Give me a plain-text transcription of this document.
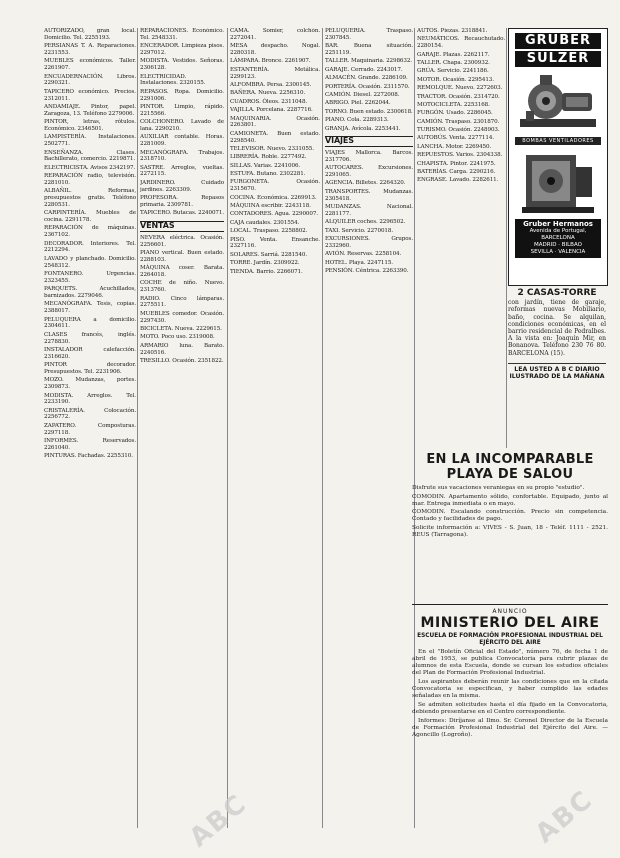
AUTORIZADO, gran local. Domicilio. Tel. 2255193.

PERSIANAS T. A. Reparaciones. 2231553.

MUEBLES económicos. Taller. 2261907.

ENCUADERNACIÓN. Libros. 2290321.

TAPICERO económico. Precios. 2312011.

ANDAMIAJE. Pintor, papel. Zaragoza, 13. Teléfono 2279006.

PINTOR, letras, rótulos. Económico. 2346501.

LAMPISTERÍA. Instalaciones. 2502771.

ENSEÑANZA. Clases. Bachillerato, comercio. 2219871.

ELECTRICISTA. Avisos 2342197.

REPARACIÓN radio, televisión. 2281010.

ALBAÑIL. Reformas, presupuestos gratis. Teléfono 2280531.

CARPINTERÍA. Muebles de cocina. 2291178.

REPARACIÓN de máquinas. 2367102.

DECORADOR. Interiores. Tel. 2212294.

LAVADO y planchado. Domicilio. 2548312.

FONTANERO. Urgencias. 2323455.

PARQUETS. Acuchillados, barnizados. 2279046.

MECANÓGRAFA. Tesis, copias. 2388017.

PELUQUERA a domicilio. 2304611.

CLASES francés, inglés. 2278830.

INSTALADOR calefacción. 2316620.

PINTOR decorador. Presupuestos. Tel. 2231906.

MOZO. Mudanzas, portes. 2309873.

MODISTA. Arreglos. Tel. 2233190.

CRISTALERÍA. Colocación. 2256772.

ZAPATERO. Composturas. 2297118.

INFORMES. Reservados. 2261040.

PINTURAS. Fachadas. 2255310.

REPARACIONES. Económico. Tel. 2548331.

ENCERADOR. Limpieza pisos. 2297012.

MODISTA. Vestidos. Señoras. 2306128.

ELECTRICIDAD. Instalaciones. 2320155.

REPASOS. Ropa. Domicilio. 2291006.

PINTOR. Limpio, rápido. 2215566.

COLCHONERO. Lavado de lana. 2290210.

AUXILIAR contable. Horas. 2281009.

MECANÓGRAFA. Trabajos. 2318710.

SASTRE. Arreglos, vueltas. 2272115.

JARDINERO. Cuidado jardines. 2263309.

PROFESORA. Repasos primaria. 2309781.

TAPICERO. Butacas. 2240071.

VENTAS

NEVERA eléctrica. Ocasión. 2256601.

PIANO vertical. Buen estado. 2288103.

MÁQUINA coser. Barata. 2264018.

COCHE de niño. Nuevo. 2313760.

RADIO. Cinco lámparas. 2275511.

MUEBLES comedor. Ocasión. 2297430.

BICICLETA. Nueva. 2229615.

MOTO. Poco uso. 2319008.

ARMARIO luna. Barato. 2240516.

TRESILLO. Ocasión. 2351822.

CAMA. Somier, colchón. 2272041.

MESA despacho. Nogal. 2280318.

LÁMPARA. Bronce. 2261907.

ESTANTERÍA. Metálica. 2299123.

ALFOMBRA. Persa. 2300145.

BAÑERA. Nueva. 2256310.

CUADROS. Óleos. 2311048.

VAJILLA. Porcelana. 2287716.

MAQUINARIA. Ocasión. 2263801.

CAMIONETA. Buen estado. 2298540.

TELEVISOR. Nuevo. 2331055.

LIBRERÍA. Roble. 2277492.

SILLAS. Varias. 2241006.

ESTUFA. Butano. 2302281.

FURGONETA. Ocasión. 2315670.

COCINA. Económica. 2269913.

MÁQUINA escribir. 2243118.

CONTADORES. Agua. 2290007.

CAJA caudales. 2301554.

LOCAL. Traspaso. 2258802.

PISO. Venta. Ensanche. 2327116.

SOLARES. Sarriá. 2281540.

TORRE. Jardín. 2309922.

TIENDA. Barrio. 2266071.

PELUQUERÍA. Traspaso. 2307845.

BAR. Buena situación. 2251119.

TALLER. Maquinaria. 2298632.

GARAJE. Cerrado. 2243017.

ALMACÉN. Grande. 2286109.

PORTERÍA. Ocasión. 2311570.

CAMIÓN. Diesel. 2272008.

ABRIGO. Piel. 2262044.

TORNO. Buen estado. 2300618.

PIANO. Cola. 2289313.

GRANJA. Avícola. 2253441.

VIAJES

VIAJES Mallorca. Barcos. 2317706.

AUTOCARES. Excursiones. 2291065.

AGENCIA. Billetes. 2264320.

TRANSPORTES. Mudanzas. 2305418.

MUDANZAS. Nacional. 2281177.

ALQUILER coches. 2296502.

TAXI. Servicio. 2270018.

EXCURSIONES. Grupos. 2332960.

AVIÓN. Reservas. 2258104.

HOTEL. Playa. 2247115.

PENSIÓN. Céntrica. 2263390.

AUTOS. Piezas. 2318841.

NEUMÁTICOS. Recauchutado. 2280154.

GARAJE. Plazas. 2262117.

TALLER. Chapa. 2300932.

GRÚA. Servicio. 2241186.

MOTOR. Ocasión. 2295413.

REMOLQUE. Nuevo. 2272603.

TRACTOR. Ocasión. 2314720.

MOTOCICLETA. 2253168.

FURGÓN. Usado. 2286045.

CAMIÓN. Traspaso. 2301870.

TURISMO. Ocasión. 2248903.

AUTOBÚS. Venta. 2277114.

LANCHA. Motor. 2269450.

REPUESTOS. Varios. 2304338.

CHAPISTA. Pintor. 2241975.

BATERÍAS. Carga. 2290216.

ENGRASE. Lavado. 2282611.

GRUBER
SULZER
BOMBAS VENTILADORES
Gruber Hermanos
Avenida de Portugal,
BARCELONA
MADRID · BILBAO
SEVILLA · VALENCIA
2 CASAS-TORRE
con jardín, tiene de garaje, reformas nuevas Mobiliario, baño, cocina. Se alquilan, condiciones económicas, en el barrio residencial de Pedralbes. A la vista en: Joaquín Mir, en Bonanova. Teléfono 230 76 80. BARCELONA (15).
LEA USTED A B C DIARIO ILUSTRADO DE LA MAÑANA
EN LA INCOMPARABLE
PLAYA DE SALOU

Disfrute sus vacaciones veraniegas en su propio "estudio".

COMODIN. Apartamento sólido, confortable. Equipado, junto al mar. Entrega inmediata o en mayo.

COMODIN. Escalando construcción. Precio sin competencia. Contado y facilidades de pago.

Solicite información a: VIVES - S. Juan, 18 - Teléf. 1111 - 2521. REUS (Tarragona).

ANUNCIO
MINISTERIO DEL AIRE
ESCUELA DE FORMACIÓN PROFESIONAL INDUSTRIAL DEL EJÉRCITO DEL AIRE

En el "Boletín Oficial del Estado", número 76, de fecha 1 de abril de 1953, se publica Convocatoria para cubrir plazas de alumnos de esta Escuela, donde se cursan los estudios oficiales del Plan de Formación Profesional Industrial.

Los aspirantes deberán reunir las condiciones que en la citada Convocatoria se especifican, y haber cumplido las edades señaladas en la misma.

Se admiten solicitudes hasta el día fijado en la Convocatoria, debiendo presentarse en el Centro correspondiente.

Informes: Diríjanse al Ilmo. Sr. Coronel Director de la Escuela de Formación Profesional Industrial del Ejército del Aire. — Agoncillo (Logroño).

ABC	ABC
